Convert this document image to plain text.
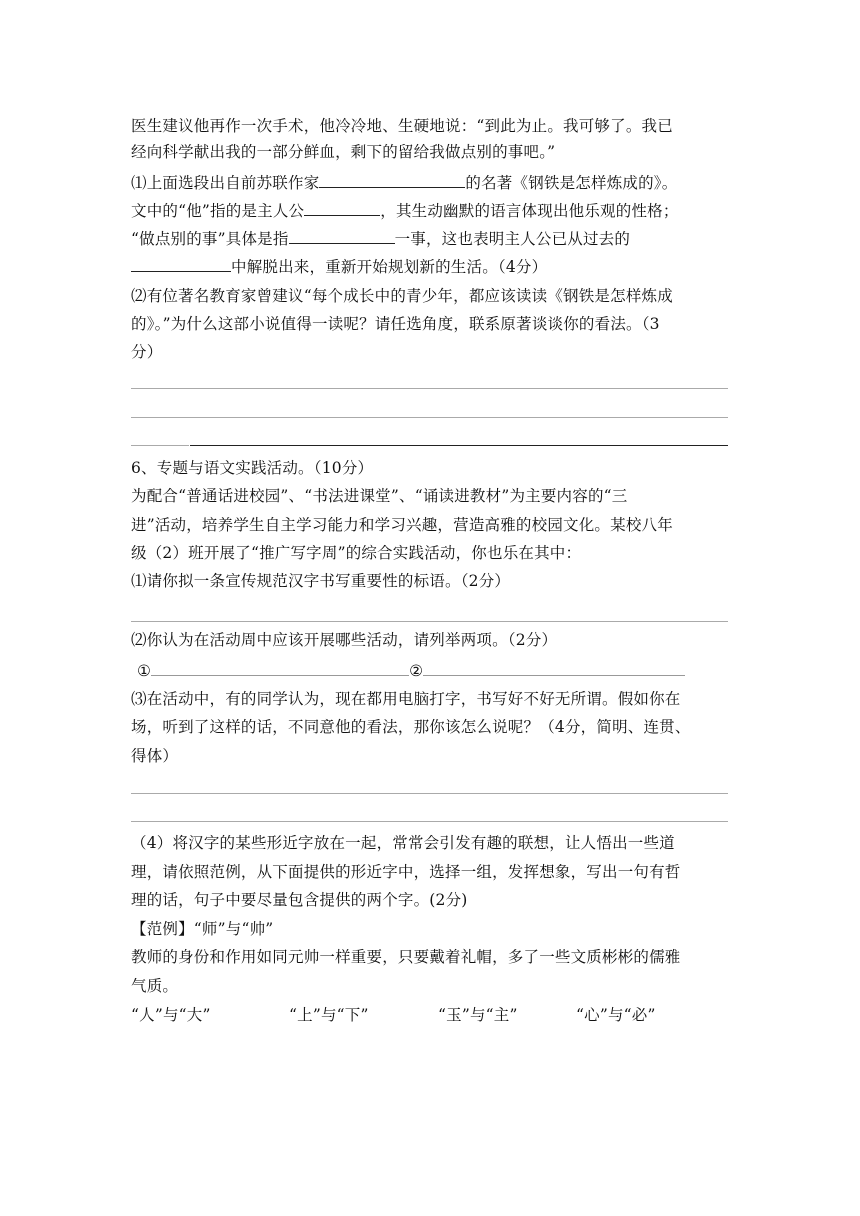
医生建议他再作一次手术，他冷冷地、生硬地说：“到此为止。我可够了。我已
经向科学献出我的一部分鲜血，剩下的留给我做点别的事吧。”
⑴上面选段出自前苏联作家	的名著《钢铁是怎样炼成的》。
文中的“他”指的是主人公	，其生动幽默的语言体现出他乐观的性格；
“做点别的事”具体是指	一事，这也表明主人公已从过去的
中解脱出来，重新开始规划新的生活。（4分）
⑵有位著名教育家曾建议“每个成长中的青少年，都应该读读《钢铁是怎样炼成
的》。”为什么这部小说值得一读呢？请任选角度，联系原著谈谈你的看法。（3
分）
6、专题与语文实践活动。（10分）
为配合“普通话进校园”、“书法进课堂”、“诵读进教材”为主要内容的“三
进”活动，培养学生自主学习能力和学习兴趣，营造高雅的校园文化。某校八年
级（2）班开展了“推广写字周”的综合实践活动，你也乐在其中：
⑴请你拟一条宣传规范汉字书写重要性的标语。（2分）
⑵你认为在活动周中应该开展哪些活动，请列举两项。（2分）
①	②
⑶在活动中，有的同学认为，现在都用电脑打字，书写好不好无所谓。假如你在
场，听到了这样的话，不同意他的看法，那你该怎么说呢？（4分，简明、连贯、
得体）
（4）将汉字的某些形近字放在一起，常常会引发有趣的联想，让人悟出一些道
理，请依照范例，从下面提供的形近字中，选择一组，发挥想象，写出一句有哲
理的话，句子中要尽量包含提供的两个字。(2分)
【范例】“师”与“帅”
教师的身份和作用如同元帅一样重要，只要戴着礼帽，多了一些文质彬彬的儒雅
气质。
“人”与“大”	“上”与“下”	“玉”与“主”	“心”与“必”
